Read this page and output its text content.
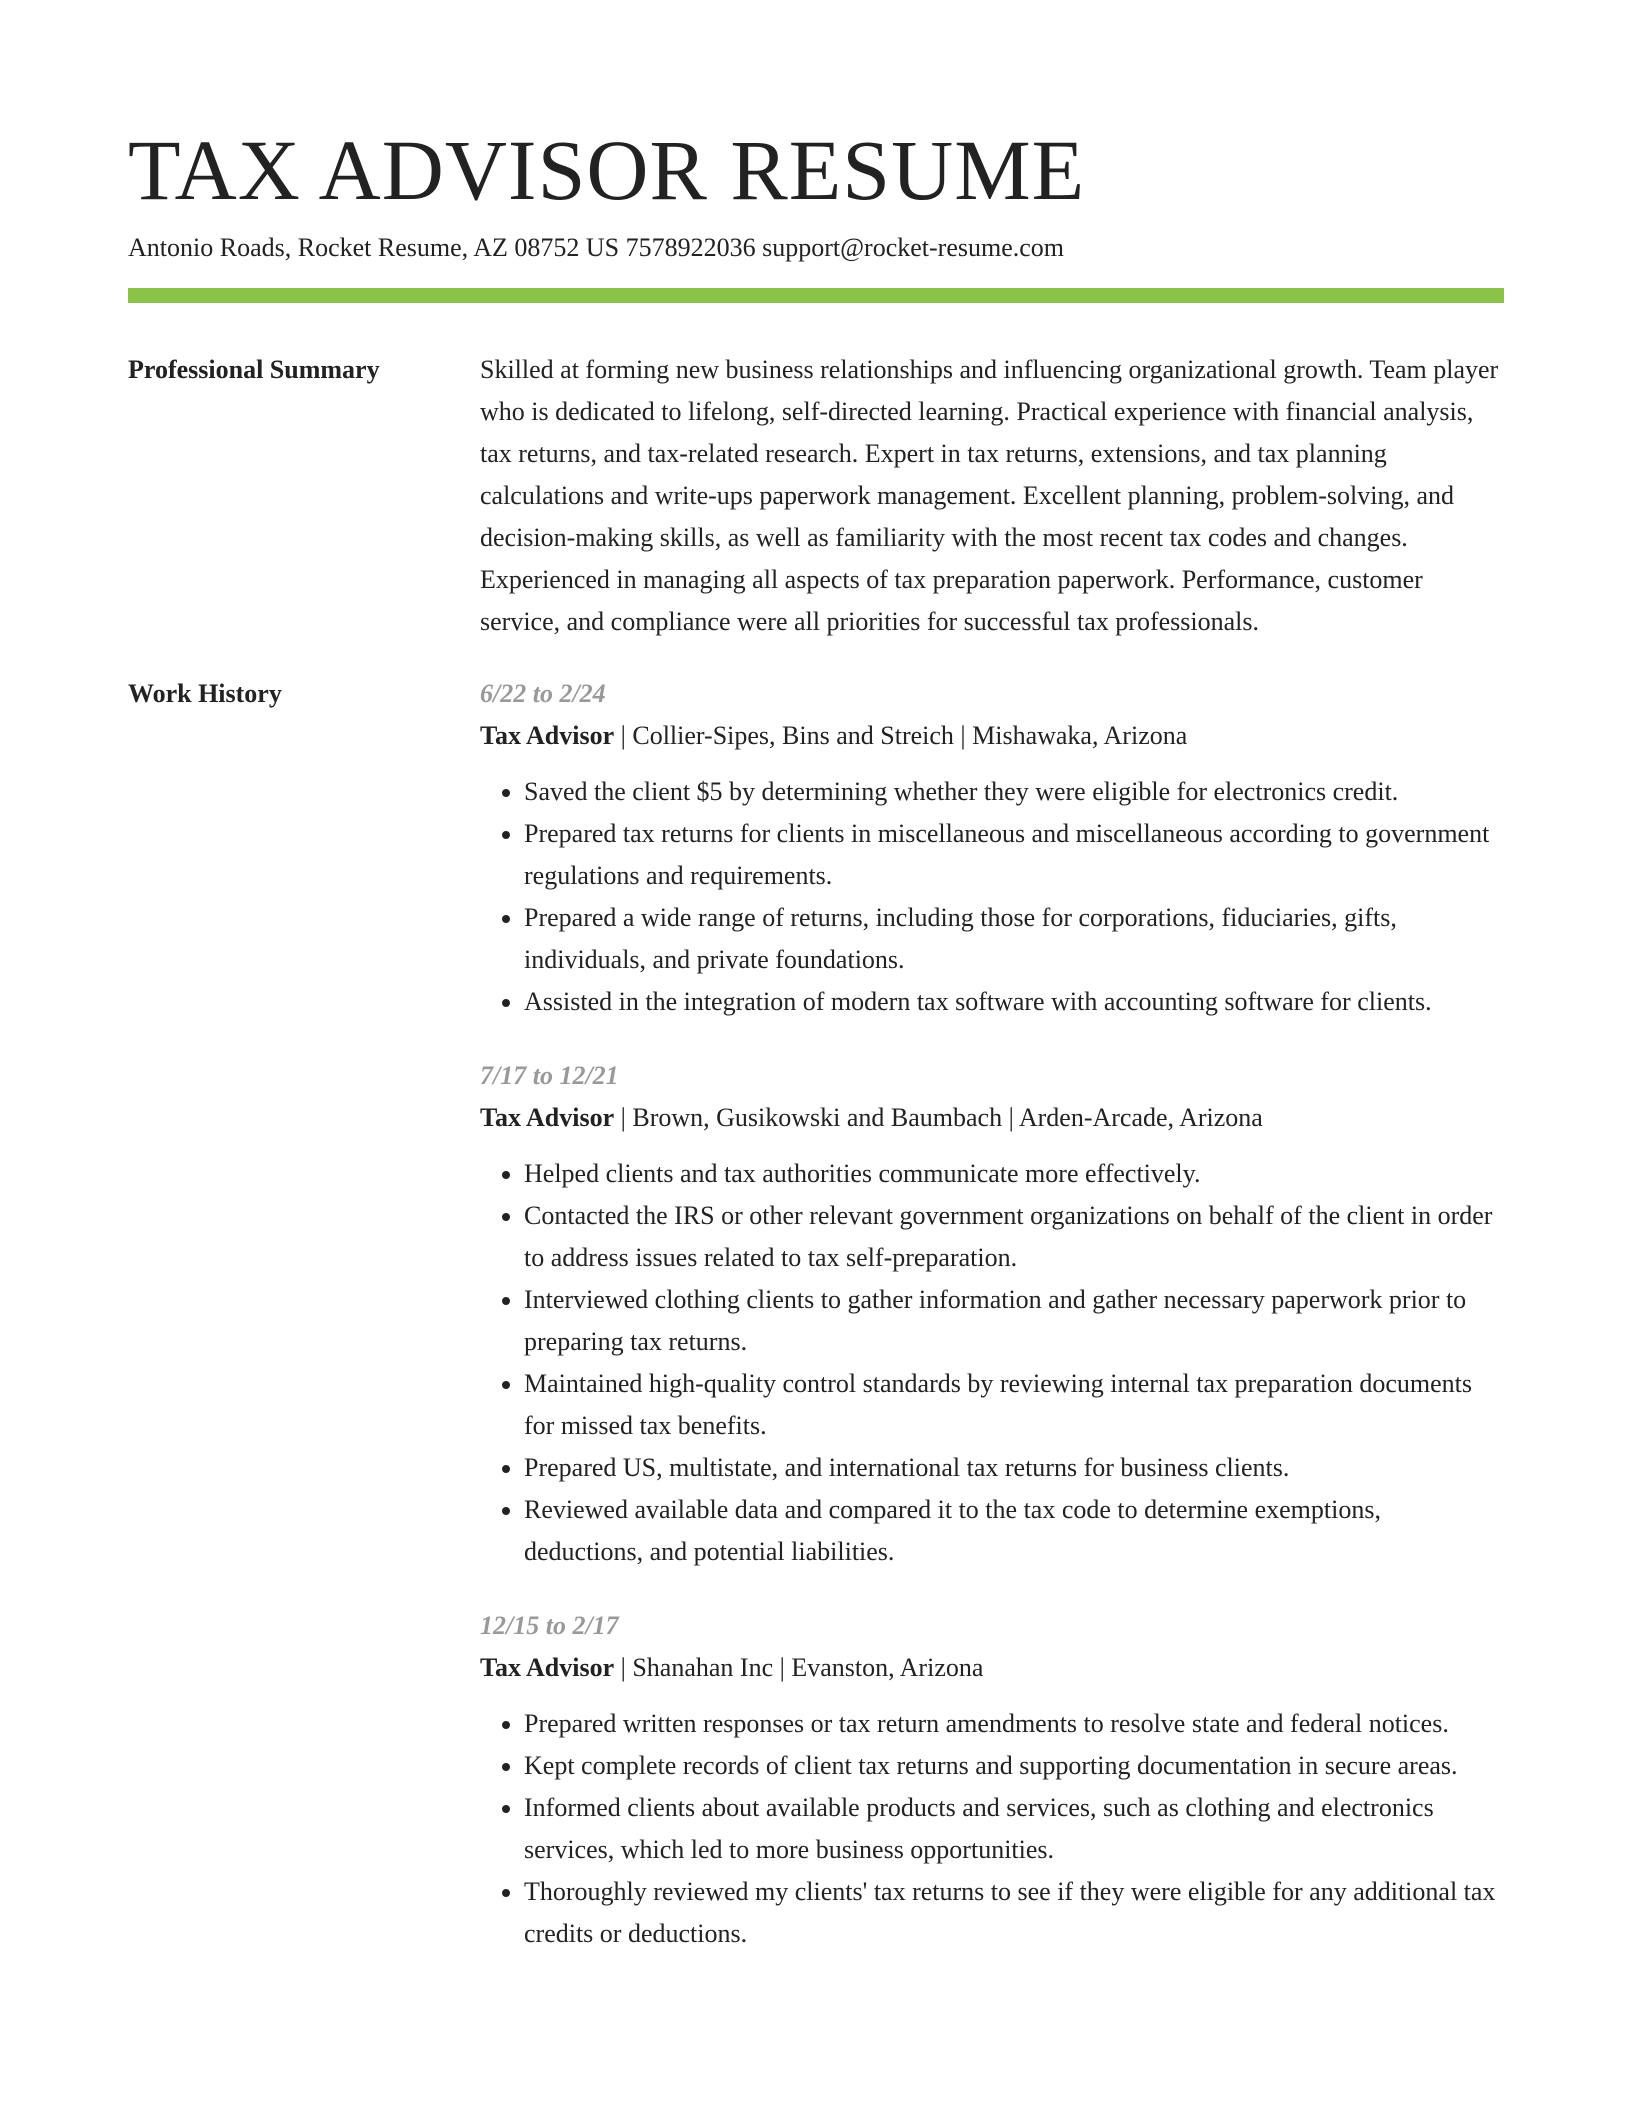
TAX ADVISOR RESUME
Antonio Roads, Rocket Resume, AZ 08752 US 7578922036 support@rocket-resume.com
Professional Summary	Skilled at forming new business relationships and influencing organizational growth. Team player who is dedicated to lifelong, self-directed learning. Practical experience with financial analysis, tax returns, and tax-related research. Expert in tax returns, extensions, and tax planning calculations and write-ups paperwork management. Excellent planning, problem-solving, and decision-making skills, as well as familiarity with the most recent tax codes and changes. Experienced in managing all aspects of tax preparation paperwork. Performance, customer service, and compliance were all priorities for successful tax professionals.
Work History	6/22 to 2/24
Tax Advisor | Collier-Sipes, Bins and Streich | Mishawaka, Arizona
• Saved the client $5 by determining whether they were eligible for electronics credit.
• Prepared tax returns for clients in miscellaneous and miscellaneous according to government regulations and requirements.
• Prepared a wide range of returns, including those for corporations, fiduciaries, gifts, individuals, and private foundations.
• Assisted in the integration of modern tax software with accounting software for clients.
7/17 to 12/21
Tax Advisor | Brown, Gusikowski and Baumbach | Arden-Arcade, Arizona
• Helped clients and tax authorities communicate more effectively.
• Contacted the IRS or other relevant government organizations on behalf of the client in order to address issues related to tax self-preparation.
• Interviewed clothing clients to gather information and gather necessary paperwork prior to preparing tax returns.
• Maintained high-quality control standards by reviewing internal tax preparation documents for missed tax benefits.
• Prepared US, multistate, and international tax returns for business clients.
• Reviewed available data and compared it to the tax code to determine exemptions, deductions, and potential liabilities.
12/15 to 2/17
Tax Advisor | Shanahan Inc | Evanston, Arizona
• Prepared written responses or tax return amendments to resolve state and federal notices.
• Kept complete records of client tax returns and supporting documentation in secure areas.
• Informed clients about available products and services, such as clothing and electronics services, which led to more business opportunities.
• Thoroughly reviewed my clients' tax returns to see if they were eligible for any additional tax credits or deductions.
